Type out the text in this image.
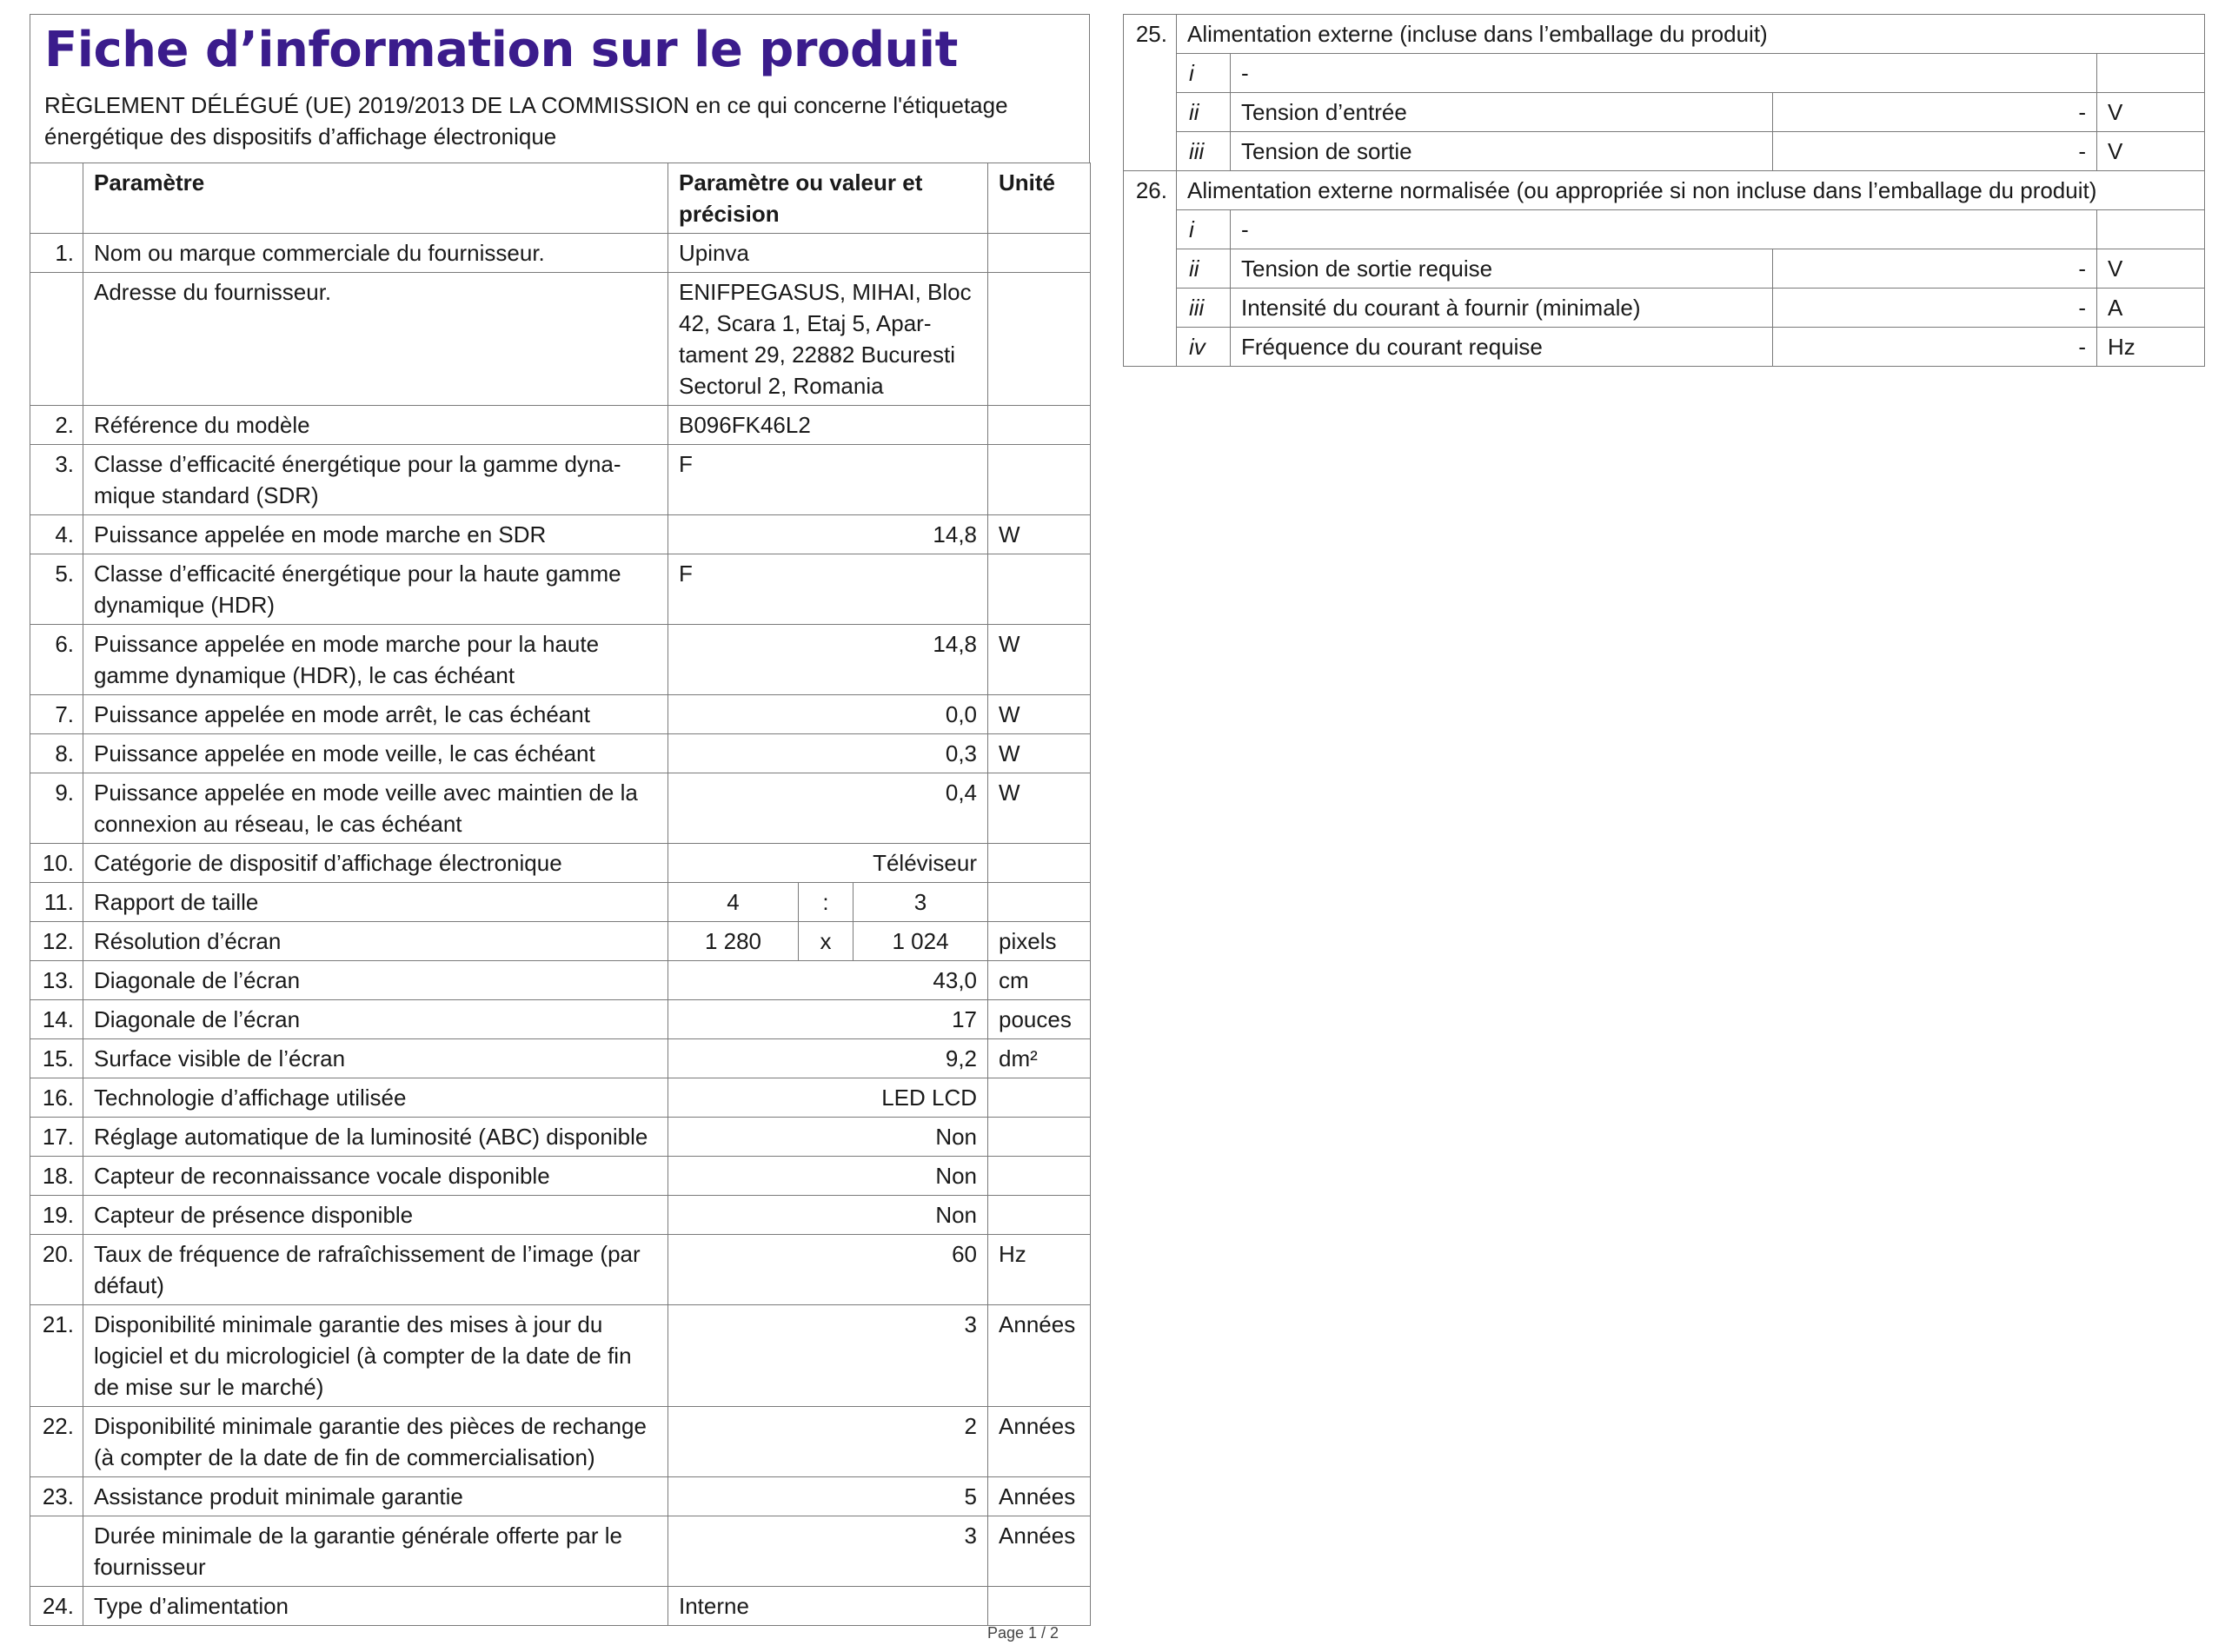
Fiche d’information sur le produit
RÈGLEMENT DÉLÉGUÉ (UE) 2019/2013 DE LA COMMISSION en ce qui concerne l'étiquetage énergétique des dispositifs d’affichage électronique
	Paramètre	Paramètre ou valeur et précision			Unité
1.	Nom ou marque commerciale du fournisseur.	Upinva			
	Adresse du fournisseur.	ENIFPEGASUS, MIHAI, Bloc 42, Scara 1, Etaj 5, Apartament 29, 22882 Bucuresti Sectorul 2, Romania			
2.	Référence du modèle	B096FK46L2			
3.	Classe d’efficacité énergétique pour la gamme dynamique standard (SDR)	F			
4.	Puissance appelée en mode marche en SDR	14,8			W
5.	Classe d’efficacité énergétique pour la haute gamme dynamique (HDR)	F			
6.	Puissance appelée en mode marche pour la haute gamme dynamique (HDR), le cas échéant	14,8			W
7.	Puissance appelée en mode arrêt, le cas échéant	0,0			W
8.	Puissance appelée en mode veille, le cas échéant	0,3			W
9.	Puissance appelée en mode veille avec maintien de la connexion au réseau, le cas échéant	0,4			W
10.	Catégorie de dispositif d’affichage électronique	Téléviseur			
11.	Rapport de taille	4	:	3	
12.	Résolution d’écran	1 280	x	1 024	pixels
13.	Diagonale de l’écran	43,0			cm
14.	Diagonale de l’écran	17			pouces
15.	Surface visible de l’écran	9,2			dm²
16.	Technologie d’affichage utilisée	LED LCD			
17.	Réglage automatique de la luminosité (ABC) disponible	Non			
18.	Capteur de reconnaissance vocale disponible	Non			
19.	Capteur de présence disponible	Non			
20.	Taux de fréquence de rafraîchissement de l’image (par défaut)	60			Hz
21.	Disponibilité minimale garantie des mises à jour du logiciel et du micrologiciel (à compter de la date de fin de mise sur le marché)	3			Années
22.	Disponibilité minimale garantie des pièces de rechange (à compter de la date de fin de commercialisation)	2			Années
23.	Assistance produit minimale garantie	5			Années
	Durée minimale de la garantie générale offerte par le fournisseur	3			Années
24.	Type d’alimentation	Interne			
25.	Alimentation externe (incluse dans l’emballage du produit)			
	i	-		
	ii	Tension d’entrée	-	V
	iii	Tension de sortie	-	V
26.	Alimentation externe normalisée (ou appropriée si non incluse dans l’emballage du produit)			
	i	-		
	ii	Tension de sortie requise	-	V
	iii	Intensité du courant à fournir (minimale)	-	A
	iv	Fréquence du courant requise	-	Hz
Page 1 / 2
